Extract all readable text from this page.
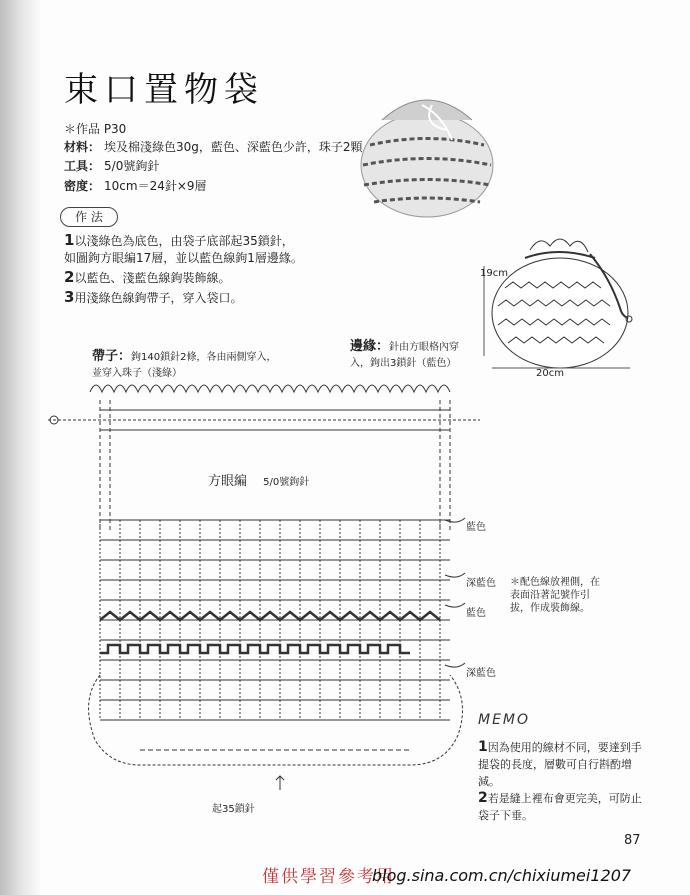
束口置物袋
＊作品 P30
材料： 埃及棉淺綠色30g，藍色、深藍色少許，珠子2顆
工具： 5/0號鉤針
密度： 10cm＝24針×9層
作 法
1以淺綠色為底色，由袋子底部起35鎖針，
如圖鉤方眼編17層，並以藍色線鉤1層邊緣。
2以藍色、淺藍色線鉤裝飾線。
3用淺綠色線鉤帶子，穿入袋口。
19cm
20cm
帶子：鉤140鎖針2條，各由兩側穿入，
並穿入珠子（淺綠）
邊緣：針由方眼格內穿
入，鉤出3鎖針（藍色）
方眼編 5/0號鉤針
藍色
深藍色
藍色
深藍色
＊配色線放裡側，在
表面沿著記號作引
拔，作成裝飾線。
起35鎖針
MEMO
1因為使用的線材不同，要達到手提袋的長度，層數可自行斟酌增減。
2若是縫上裡布會更完美，可防止袋子下垂。
87
僅供學習參考用
blog.sina.com.cn/chixiumei1207
